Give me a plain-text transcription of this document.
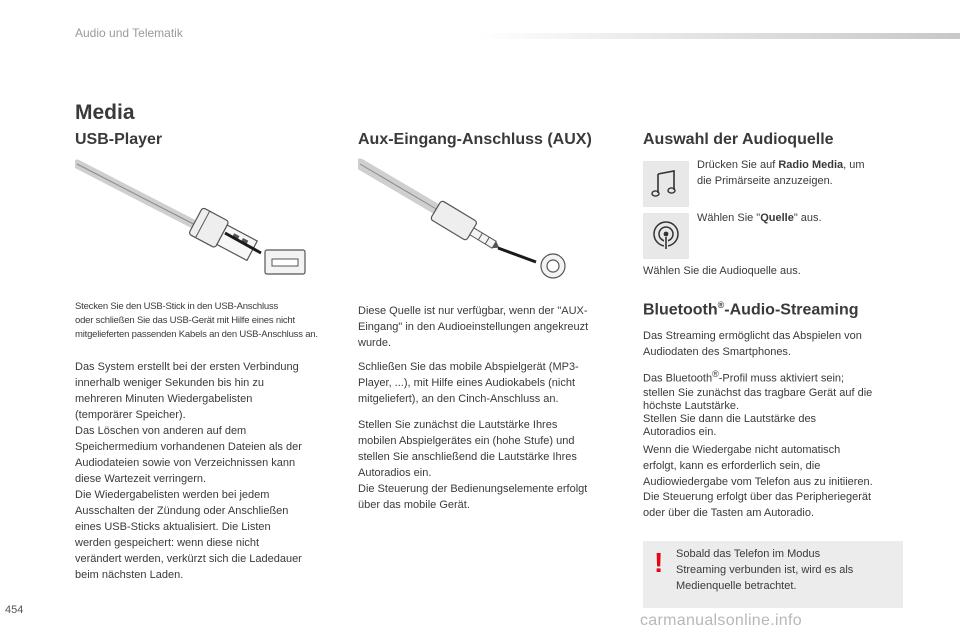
Audio und Telematik
Media
USB-Player
Stecken Sie den USB-Stick in den USB-Anschluss
oder schließen Sie das USB-Gerät mit Hilfe eines nicht
mitgelieferten passenden Kabels an den USB-Anschluss an.
Das System erstellt bei der ersten Verbindung
innerhalb weniger Sekunden bis hin zu
mehreren Minuten Wiedergabelisten
(temporärer Speicher).
Das Löschen von anderen auf dem
Speichermedium vorhandenen Dateien als der
Audiodateien sowie von Verzeichnissen kann
diese Wartezeit verringern.
Die Wiedergabelisten werden bei jedem
Ausschalten der Zündung oder Anschließen
eines USB-Sticks aktualisiert. Die Listen
werden gespeichert: wenn diese nicht
verändert werden, verkürzt sich die Ladedauer
beim nächsten Laden.
Aux-Eingang-Anschluss (AUX)
Diese Quelle ist nur verfügbar, wenn der "AUX-
Eingang" in den Audioeinstellungen angekreuzt
wurde.
Schließen Sie das mobile Abspielgerät (MP3-
Player, ...), mit Hilfe eines Audiokabels (nicht
mitgeliefert), an den Cinch-Anschluss an.
Stellen Sie zunächst die Lautstärke Ihres
mobilen Abspielgerätes ein (hohe Stufe) und
stellen Sie anschließend die Lautstärke Ihres
Autoradios ein.
Die Steuerung der Bedienungselemente erfolgt
über das mobile Gerät.
Auswahl der Audioquelle
Drücken Sie auf Radio Media, um
die Primärseite anzuzeigen.
Wählen Sie "Quelle" aus.
Wählen Sie die Audioquelle aus.
Bluetooth®-Audio-Streaming
Das Streaming ermöglicht das Abspielen von
Audiodaten des Smartphones.
Das Bluetooth®-Profil muss aktiviert sein;
stellen Sie zunächst das tragbare Gerät auf die
höchste Lautstärke.
Stellen Sie dann die Lautstärke des
Autoradios ein.
Wenn die Wiedergabe nicht automatisch
erfolgt, kann es erforderlich sein, die
Audiowiedergabe vom Telefon aus zu initiieren.
Die Steuerung erfolgt über das Peripheriegerät
oder über die Tasten am Autoradio.
! Sobald das Telefon im Modus
Streaming verbunden ist, wird es als
Medienquelle betrachtet.
454
carmanualsonline.info
